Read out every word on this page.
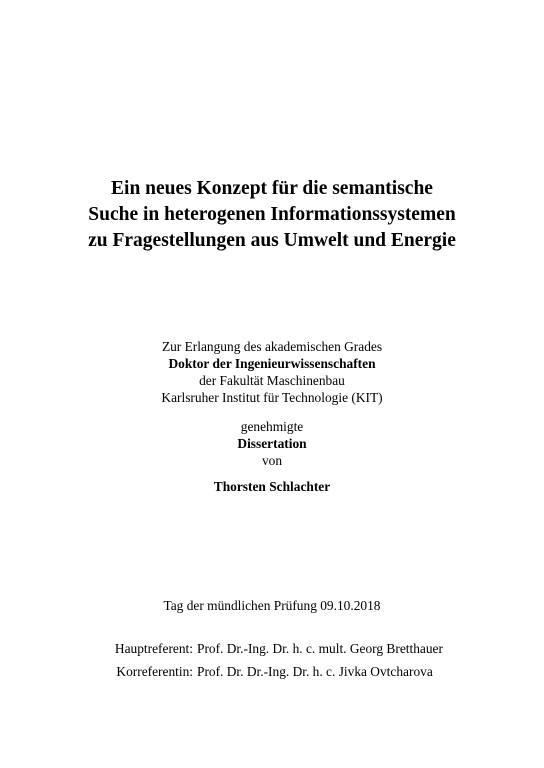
Ein neues Konzept für die semantische
Suche in heterogenen Informationssystemen
zu Fragestellungen aus Umwelt und Energie
Zur Erlangung des akademischen Grades
Doktor der Ingenieurwissenschaften
der Fakultät Maschinenbau
Karlsruher Institut für Technologie (KIT)
genehmigte
Dissertation
von
Thorsten Schlachter
Tag der mündlichen Prüfung 09.10.2018
Hauptreferent: Prof. Dr.-Ing. Dr. h. c. mult. Georg Bretthauer
Korreferentin: Prof. Dr. Dr.-Ing. Dr. h. c. Jivka Ovtcharova
